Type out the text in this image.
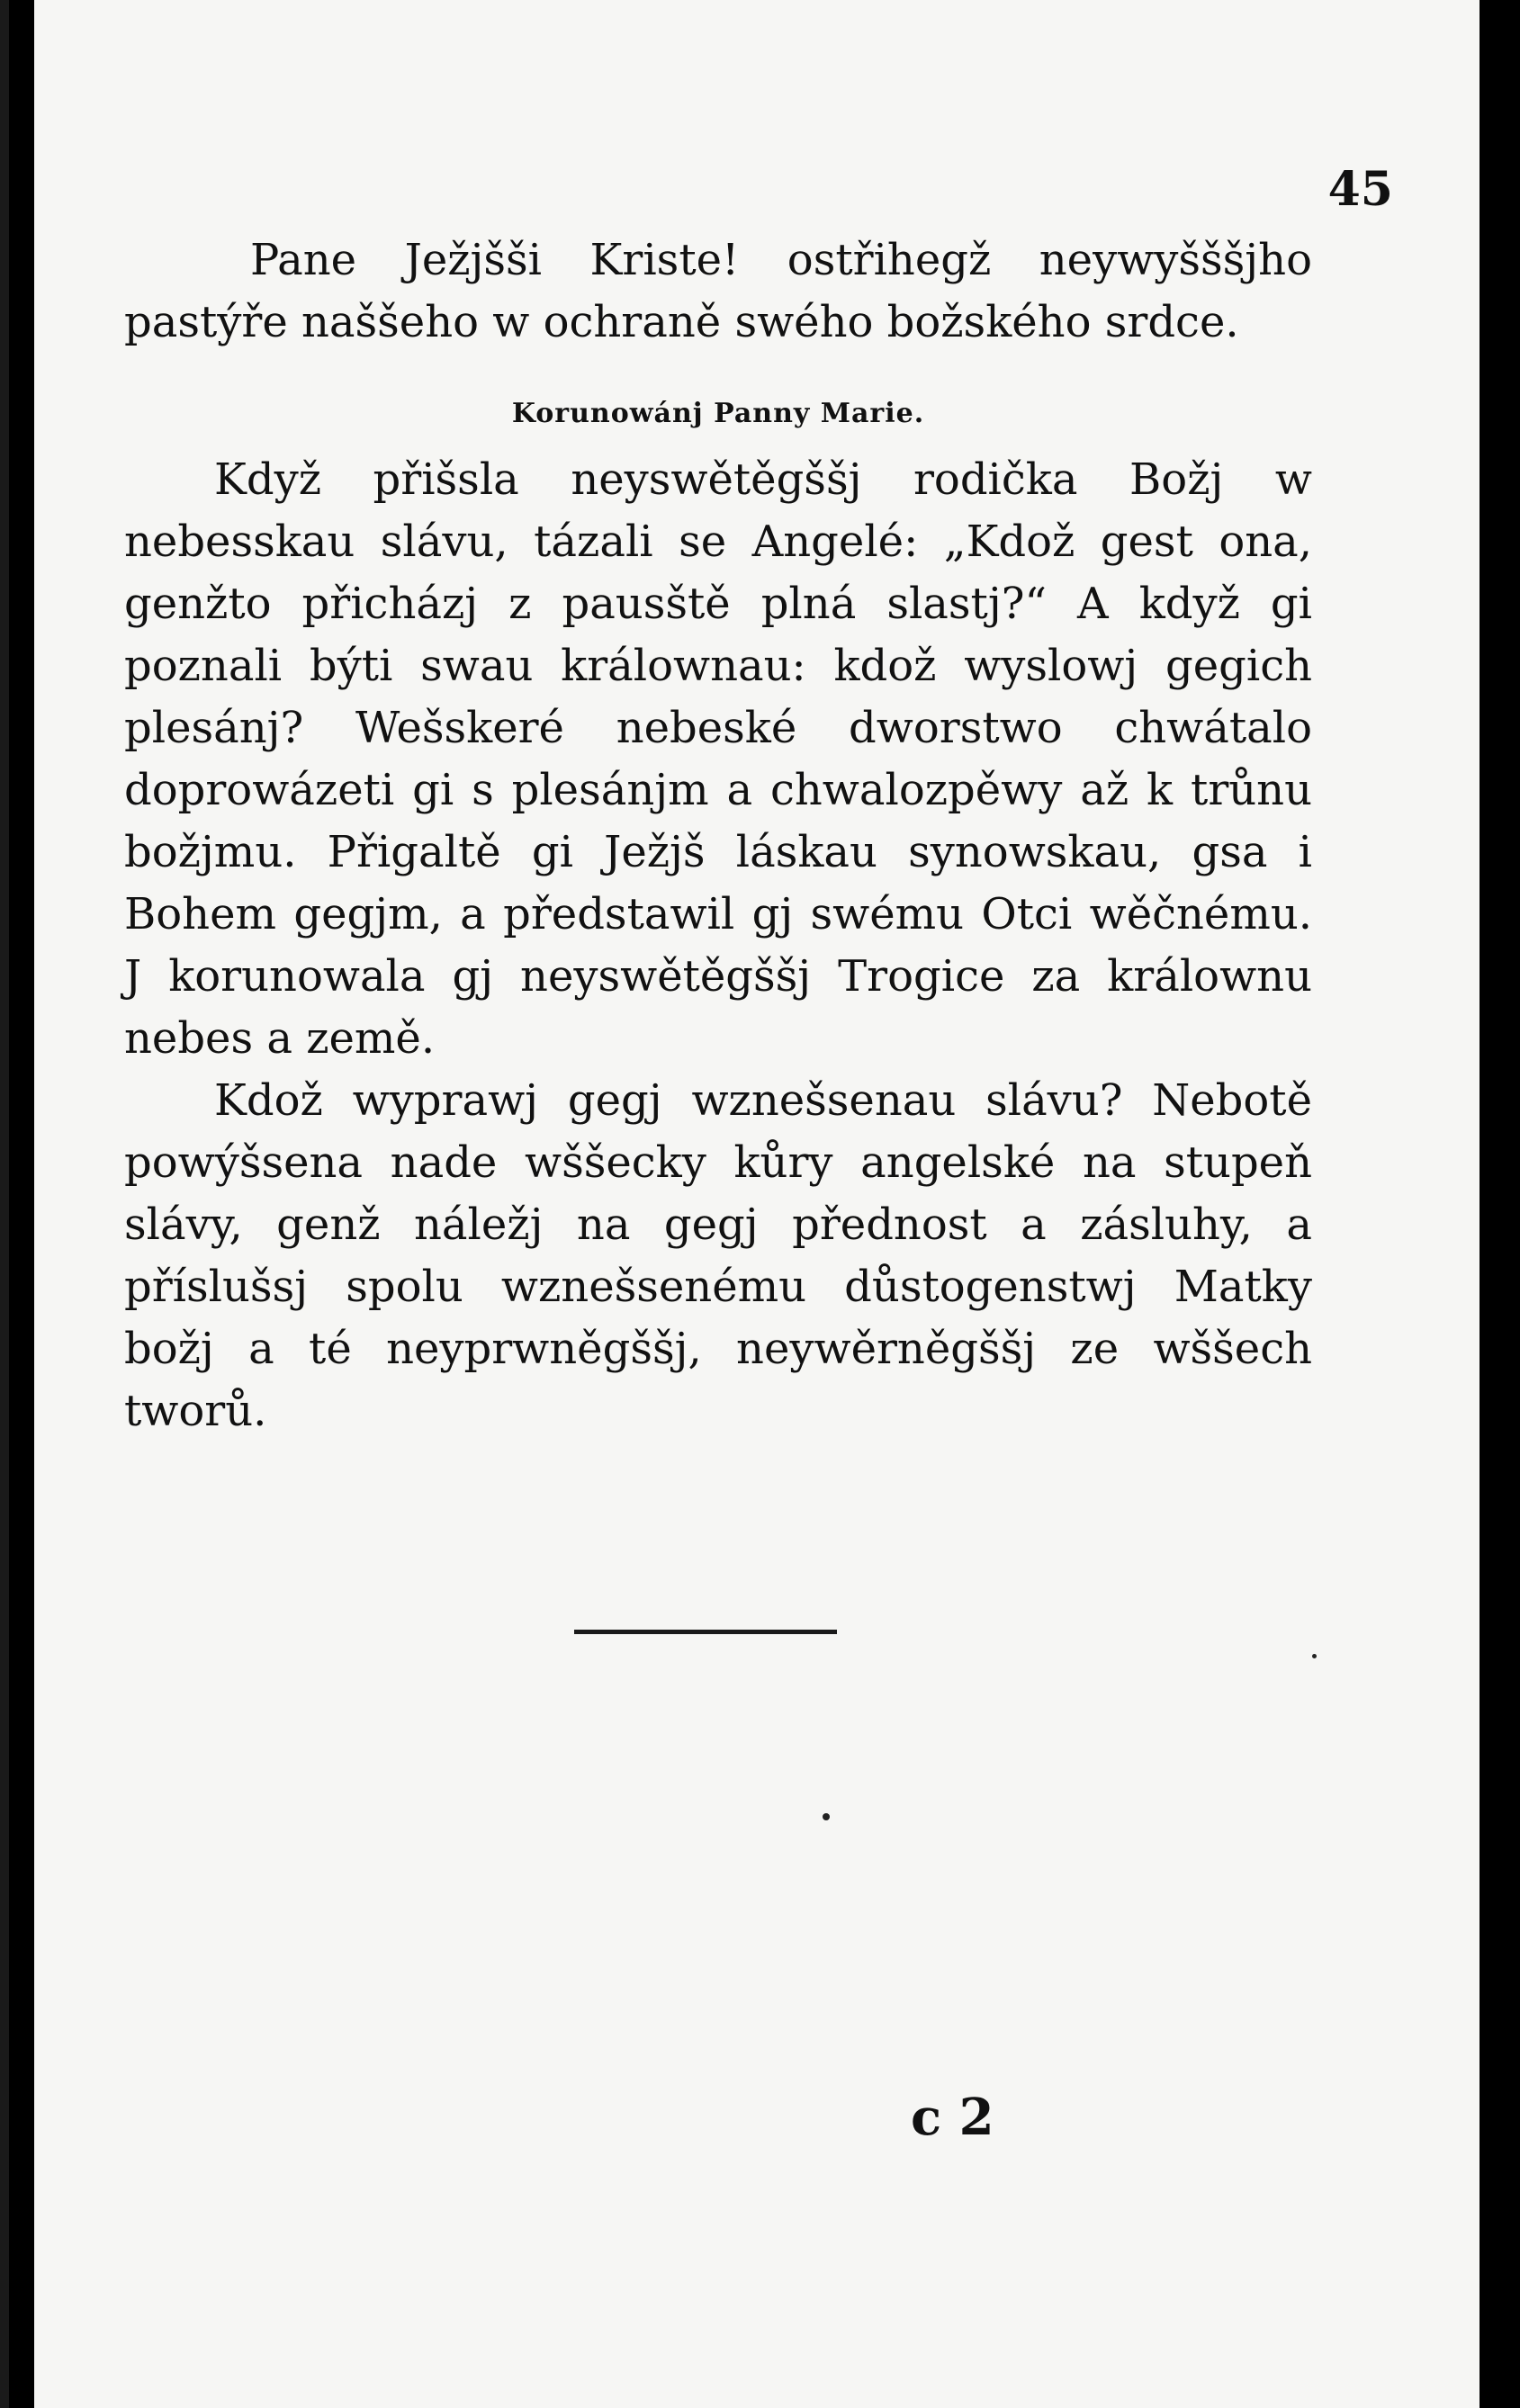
45

Pane Ježjšši Kriste! ostřihegž neywyšššjho pastýře naššeho w ochraně swého božského srdce.

Korunowánj Panny Marie.

Když přišsla neyswětěgššj rodička Božj w nebesskau slávu, tázali se Angelé: „Kdož gest ona, genžto přicházj z pausště plná slastj?“ A když gi poznali býti swau králownau: kdož wyslowj gegich plesánj? Wešskeré nebeské dworstwo chwátalo doprowázeti gi s plesánjm a chwalozpěwy až k trůnu božjmu. Přigaltě gi Ježjš láskau synowskau, gsa i Bohem gegjm, a předstawil gj swému Otci wěčnému. J korunowala gj neyswětěgššj Trogice za králownu nebes a země.

Kdož wyprawj gegj wznešsenau slávu? Nebotě powýšsena nade wššecky kůry angelské na stupeň slávy, genž náležj na gegj přednost a zásluhy, a příslušsj spolu wznešsenému důstogenstwj Matky božj a té neyprwněgššj, neywěrněgššj ze wššech tworů.

c 2
